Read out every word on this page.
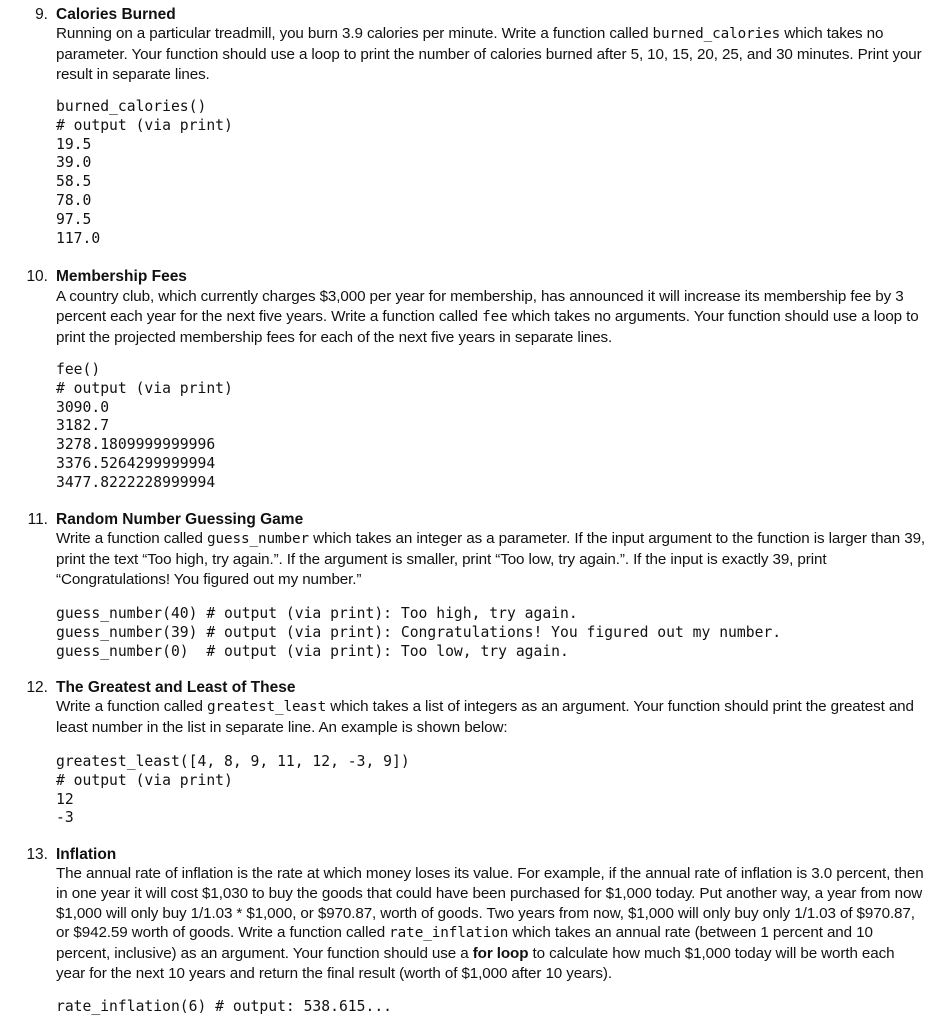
9. Calories Burned
Running on a particular treadmill, you burn 3.9 calories per minute. Write a function called burned_calories which takes no parameter. Your function should use a loop to print the number of calories burned after 5, 10, 15, 20, 25, and 30 minutes. Print your result in separate lines.
burned_calories()
# output (via print)
19.5
39.0
58.5
78.0
97.5
117.0
10. Membership Fees
A country club, which currently charges $3,000 per year for membership, has announced it will increase its membership fee by 3 percent each year for the next five years. Write a function called fee which takes no arguments. Your function should use a loop to print the projected membership fees for each of the next five years in separate lines.
fee()
# output (via print)
3090.0
3182.7
3278.1809999999996
3376.5264299999994
3477.8222228999994
11. Random Number Guessing Game
Write a function called guess_number which takes an integer as a parameter. If the input argument to the function is larger than 39, print the text “Too high, try again.”. If the argument is smaller, print “Too low, try again.”. If the input is exactly 39, print “Congratulations! You figured out my number.”
guess_number(40) # output (via print): Too high, try again.
guess_number(39) # output (via print): Congratulations! You figured out my number.
guess_number(0)  # output (via print): Too low, try again.
12. The Greatest and Least of These
Write a function called greatest_least which takes a list of integers as an argument. Your function should print the greatest and least number in the list in separate line. An example is shown below:
greatest_least([4, 8, 9, 11, 12, -3, 9])
# output (via print)
12
-3
13. Inflation
The annual rate of inflation is the rate at which money loses its value. For example, if the annual rate of inflation is 3.0 percent, then in one year it will cost $1,030 to buy the goods that could have been purchased for $1,000 today. Put another way, a year from now $1,000 will only buy 1/1.03 * $1,000, or $970.87, worth of goods. Two years from now, $1,000 will only buy only 1/1.03 of $970.87, or $942.59 worth of goods. Write a function called rate_inflation which takes an annual rate (between 1 percent and 10 percent, inclusive) as an argument. Your function should use a for loop to calculate how much $1,000 today will be worth each year for the next 10 years and return the final result (worth of $1,000 after 10 years).
rate_inflation(6) # output: 538.615...
